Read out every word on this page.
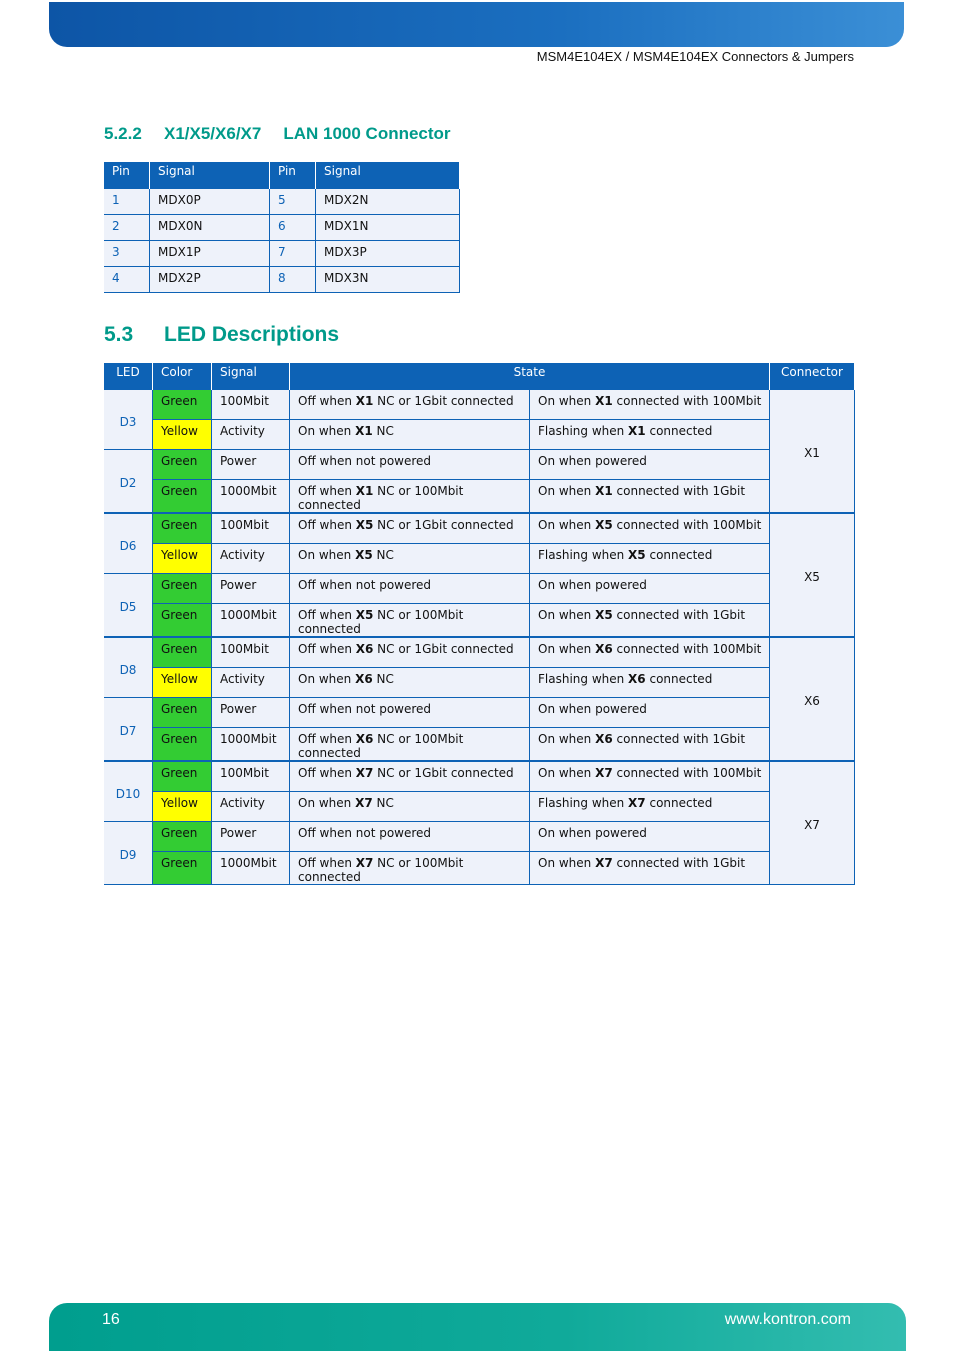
MSM4E104EX / MSM4E104EX Connectors & Jumpers
5.2.2 X1/X5/X6/X7 LAN 1000 Connector
Pin	Signal	Pin	Signal
1	MDX0P	5	MDX2N
2	MDX0N	6	MDX1N
3	MDX1P	7	MDX3P
4	MDX2P	8	MDX3N
5.3 LED Descriptions
LED	Color	Signal	State		Connector
D3	Green	100Mbit	Off when X1 NC or 1Gbit connected	On when X1 connected with 100Mbit	X1
	Yellow	Activity	On when X1 NC	Flashing when X1 connected	
D2	Green	Power	Off when not powered	On when powered	
	Green	1000Mbit	Off when X1 NC or 100Mbit connected	On when X1 connected with 1Gbit	
D6	Green	100Mbit	Off when X5 NC or 1Gbit connected	On when X5 connected with 100Mbit	X5
	Yellow	Activity	On when X5 NC	Flashing when X5 connected	
D5	Green	Power	Off when not powered	On when powered	
	Green	1000Mbit	Off when X5 NC or 100Mbit connected	On when X5 connected with 1Gbit	
D8	Green	100Mbit	Off when X6 NC or 1Gbit connected	On when X6 connected with 100Mbit	X6
	Yellow	Activity	On when X6 NC	Flashing when X6 connected	
D7	Green	Power	Off when not powered	On when powered	
	Green	1000Mbit	Off when X6 NC or 100Mbit connected	On when X6 connected with 1Gbit	
D10	Green	100Mbit	Off when X7 NC or 1Gbit connected	On when X7 connected with 100Mbit	X7
	Yellow	Activity	On when X7 NC	Flashing when X7 connected	
D9	Green	Power	Off when not powered	On when powered	
	Green	1000Mbit	Off when X7 NC or 100Mbit connected	On when X7 connected with 1Gbit	
16	www.kontron.com
